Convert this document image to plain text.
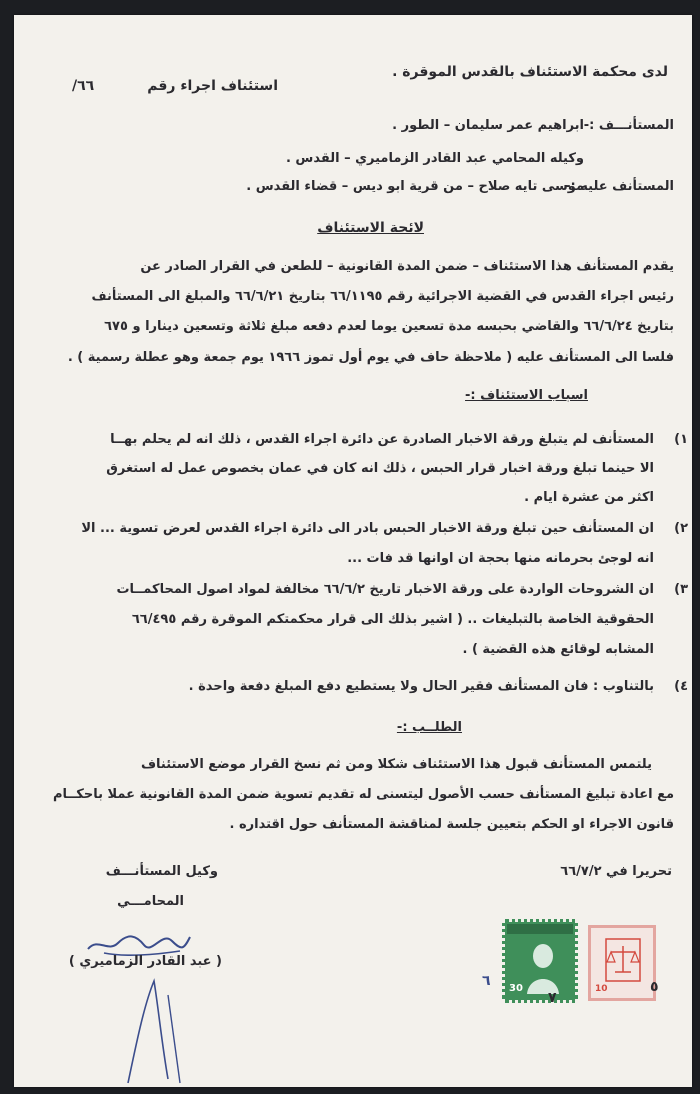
لدى محكمة الاستئناف بالقدس الموقرة .
استئناف اجراء رقم
٦٦/
المستأنـــف :-
ابراهيم عمر سليمان – الطور .
وكيله المحامي عبد القادر الزماميري – القدس .
المستأنف عليه :-
موسى تايه صلاح – من قرية ابو ديس – قضاء القدس .
لائحة الاستئناف
يقدم المستأنف هذا الاستئناف – ضمن المدة القانونية – للطعن في القرار الصادر عن
رئيس اجراء القدس في القضية الاجرائية رقم ٦٦/١١٩٥ بتاريخ ٦٦/٦/٢١ والمبلغ الى المستأنف
بتاريخ ٦٦/٦/٢٤ والقاضي بحبسه مدة تسعين يوما لعدم دفعه مبلغ ثلاثة وتسعين دينارا و ٦٧٥
فلسا الى المستأنف عليه ( ملاحظة حاف في يوم أول تموز ١٩٦٦ يوم جمعة وهو عطلة رسمية ) .
اسباب الاستئناف :-
١)
المستأنف لم يتبلغ ورقة الاخبار الصادرة عن دائرة اجراء القدس ، ذلك انه لم يحلم بهــا
الا حينما تبلغ ورقة اخبار قرار الحبس ، ذلك انه كان في عمان بخصوص عمل له استغرق
اكثر من عشرة ايام .
٢)
ان المستأنف حين تبلغ ورقة الاخبار الحبس بادر الى دائرة اجراء القدس لعرض تسوية ... الا
انه لوجئ بحرمانه منها بحجة ان اوانها قد فات ...
٣)
ان الشروحات الواردة على ورقة الاخبار تاريخ ٦٦/٦/٢ مخالفة لمواد اصول المحاكمــات
الحقوقية الخاصة بالتبليغات .. ( اشير بذلك الى قرار محكمتكم الموقرة رقم ٦٦/٤٩٥
المشابه لوقائع هذه القضية ) .
٤)
بالتناوب : فان المستأنف فقير الحال ولا يستطيع دفع المبلغ دفعة واحدة .
الطلــب :-
يلتمس المستأنف قبول هذا الاستئناف شكلا ومن ثم نسخ القرار موضع الاستئناف
مع اعادة تبليغ المستأنف حسب الأصول ليتسنى له تقديم تسوية ضمن المدة القانونية عملا باحكــام
قانون الاجراء او الحكم بتعيين جلسة لمناقشة المستأنف حول اقتداره .
تحريرا في ٦٦/٧/٢
وكيل المستأنـــف
المحامـــي
( عبد القادر الزماميري )
30	10
٧
٦	٥
